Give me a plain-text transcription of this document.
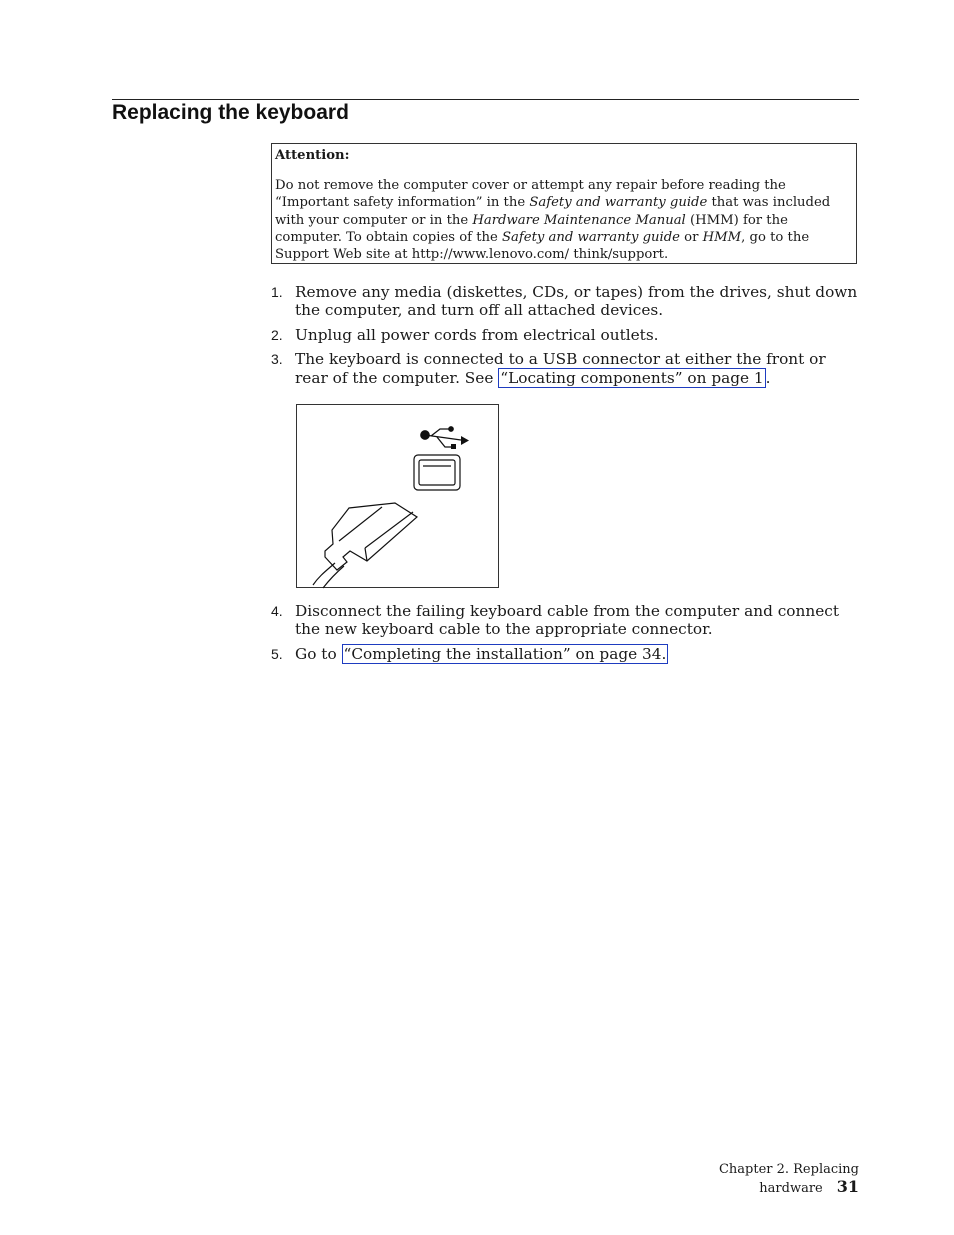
Replacing the keyboard
Attention:
Do not remove the computer cover or attempt any repair before reading the “Important safety information” in the Safety and warranty guide that was included with your computer or in the Hardware Maintenance Manual (HMM) for the computer. To obtain copies of the Safety and warranty guide or HMM, go to the Support Web site at http://www.lenovo.com/ think/support.
1. Remove any media (diskettes, CDs, or tapes) from the drives, shut down the computer, and turn off all attached devices.
2. Unplug all power cords from electrical outlets.
3. The keyboard is connected to a USB connector at either the front or rear of the computer. See “Locating components” on page 1 .
4. Disconnect the failing keyboard cable from the computer and connect the new keyboard cable to the appropriate connector.
5. Go to “Completing the installation” on page 34.
Chapter 2. Replacing hardware 31
